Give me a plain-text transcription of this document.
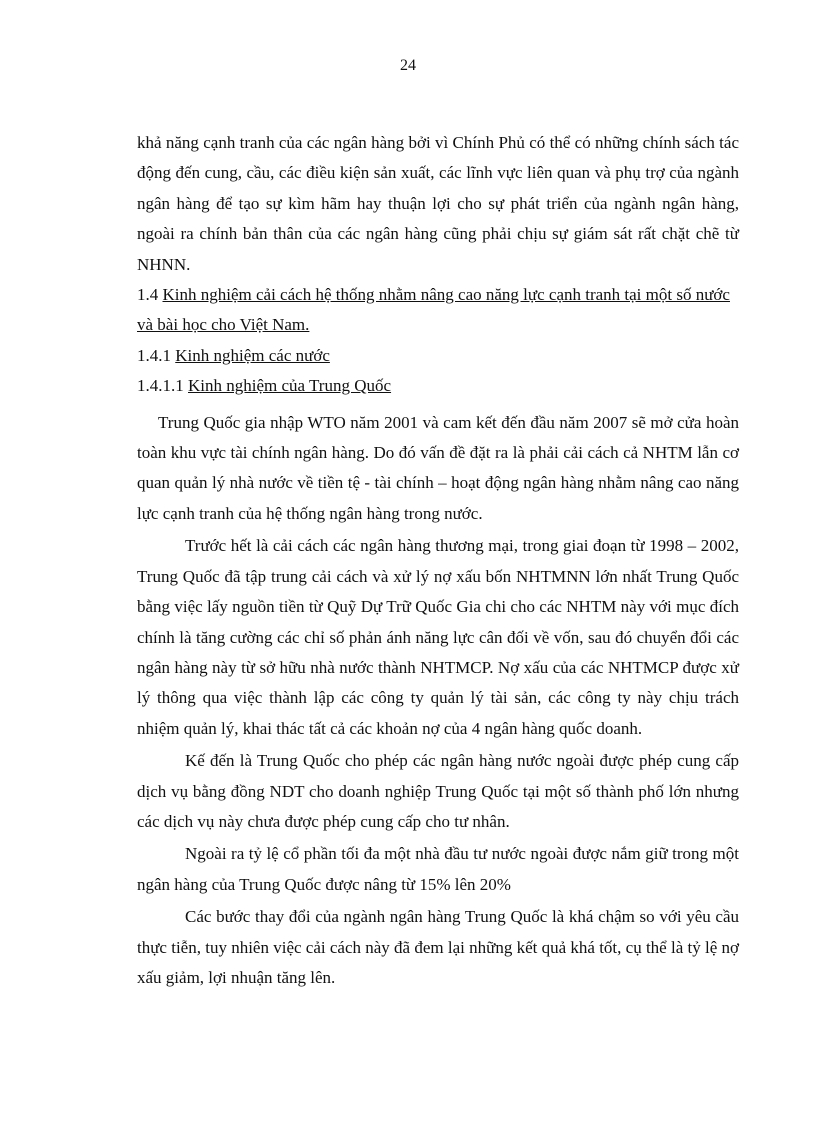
24

khả năng cạnh tranh của các ngân hàng bởi vì Chính Phủ có thể có những chính sách tác động đến cung, cầu, các điều kiện sản xuất, các lĩnh vực liên quan và phụ trợ của ngành ngân hàng để tạo sự kìm hãm hay thuận lợi cho sự phát triển của ngành ngân hàng, ngoài ra chính bản thân của các ngân hàng cũng phải chịu sự giám sát rất chặt chẽ từ NHNN.

1.4 Kinh nghiệm cải cách hệ thống nhằm nâng cao năng lực cạnh tranh tại một số nước và bài học cho Việt Nam.

1.4.1 Kinh nghiệm các nước

1.4.1.1 Kinh nghiệm của Trung Quốc

Trung Quốc gia nhập WTO năm 2001 và cam kết đến đầu năm 2007 sẽ mở cửa hoàn toàn khu vực tài chính ngân hàng. Do đó vấn đề đặt ra là phải cải cách cả NHTM lẫn cơ quan quản lý nhà nước về tiền tệ - tài chính – hoạt động ngân hàng nhằm nâng cao năng lực cạnh tranh của hệ thống ngân hàng trong nước.

Trước hết là cải cách các ngân hàng thương mại, trong giai đoạn từ 1998 – 2002, Trung Quốc đã tập trung cải cách và xử lý nợ xấu bốn NHTMNN lớn nhất Trung Quốc bằng việc lấy nguồn tiền từ Quỹ Dự Trữ Quốc Gia chi cho các NHTM này với mục đích chính là tăng cường các chỉ số phản ánh năng lực cân đối về vốn, sau đó chuyển đổi các ngân hàng này từ sở hữu nhà nước thành NHTMCP. Nợ xấu của các NHTMCP được xử lý thông qua việc thành lập các công ty quản lý tài sản, các công ty này chịu trách nhiệm quản lý, khai thác tất cả các khoản nợ của 4 ngân hàng quốc doanh.

Kế đến là Trung Quốc cho phép các ngân hàng nước ngoài được phép cung cấp dịch vụ bằng đồng NDT cho doanh nghiệp Trung Quốc tại một số thành phố lớn nhưng các dịch vụ này chưa được phép cung cấp cho tư nhân.

Ngoài ra tỷ lệ cổ phần tối đa một nhà đầu tư nước ngoài được nắm giữ trong một ngân hàng của Trung Quốc được nâng từ 15% lên 20%

Các bước thay đổi của ngành ngân hàng Trung Quốc là khá chậm so với yêu cầu thực tiễn, tuy nhiên việc cải cách này đã đem lại những kết quả khá tốt, cụ thể là tỷ lệ nợ xấu giảm, lợi nhuận tăng lên.
